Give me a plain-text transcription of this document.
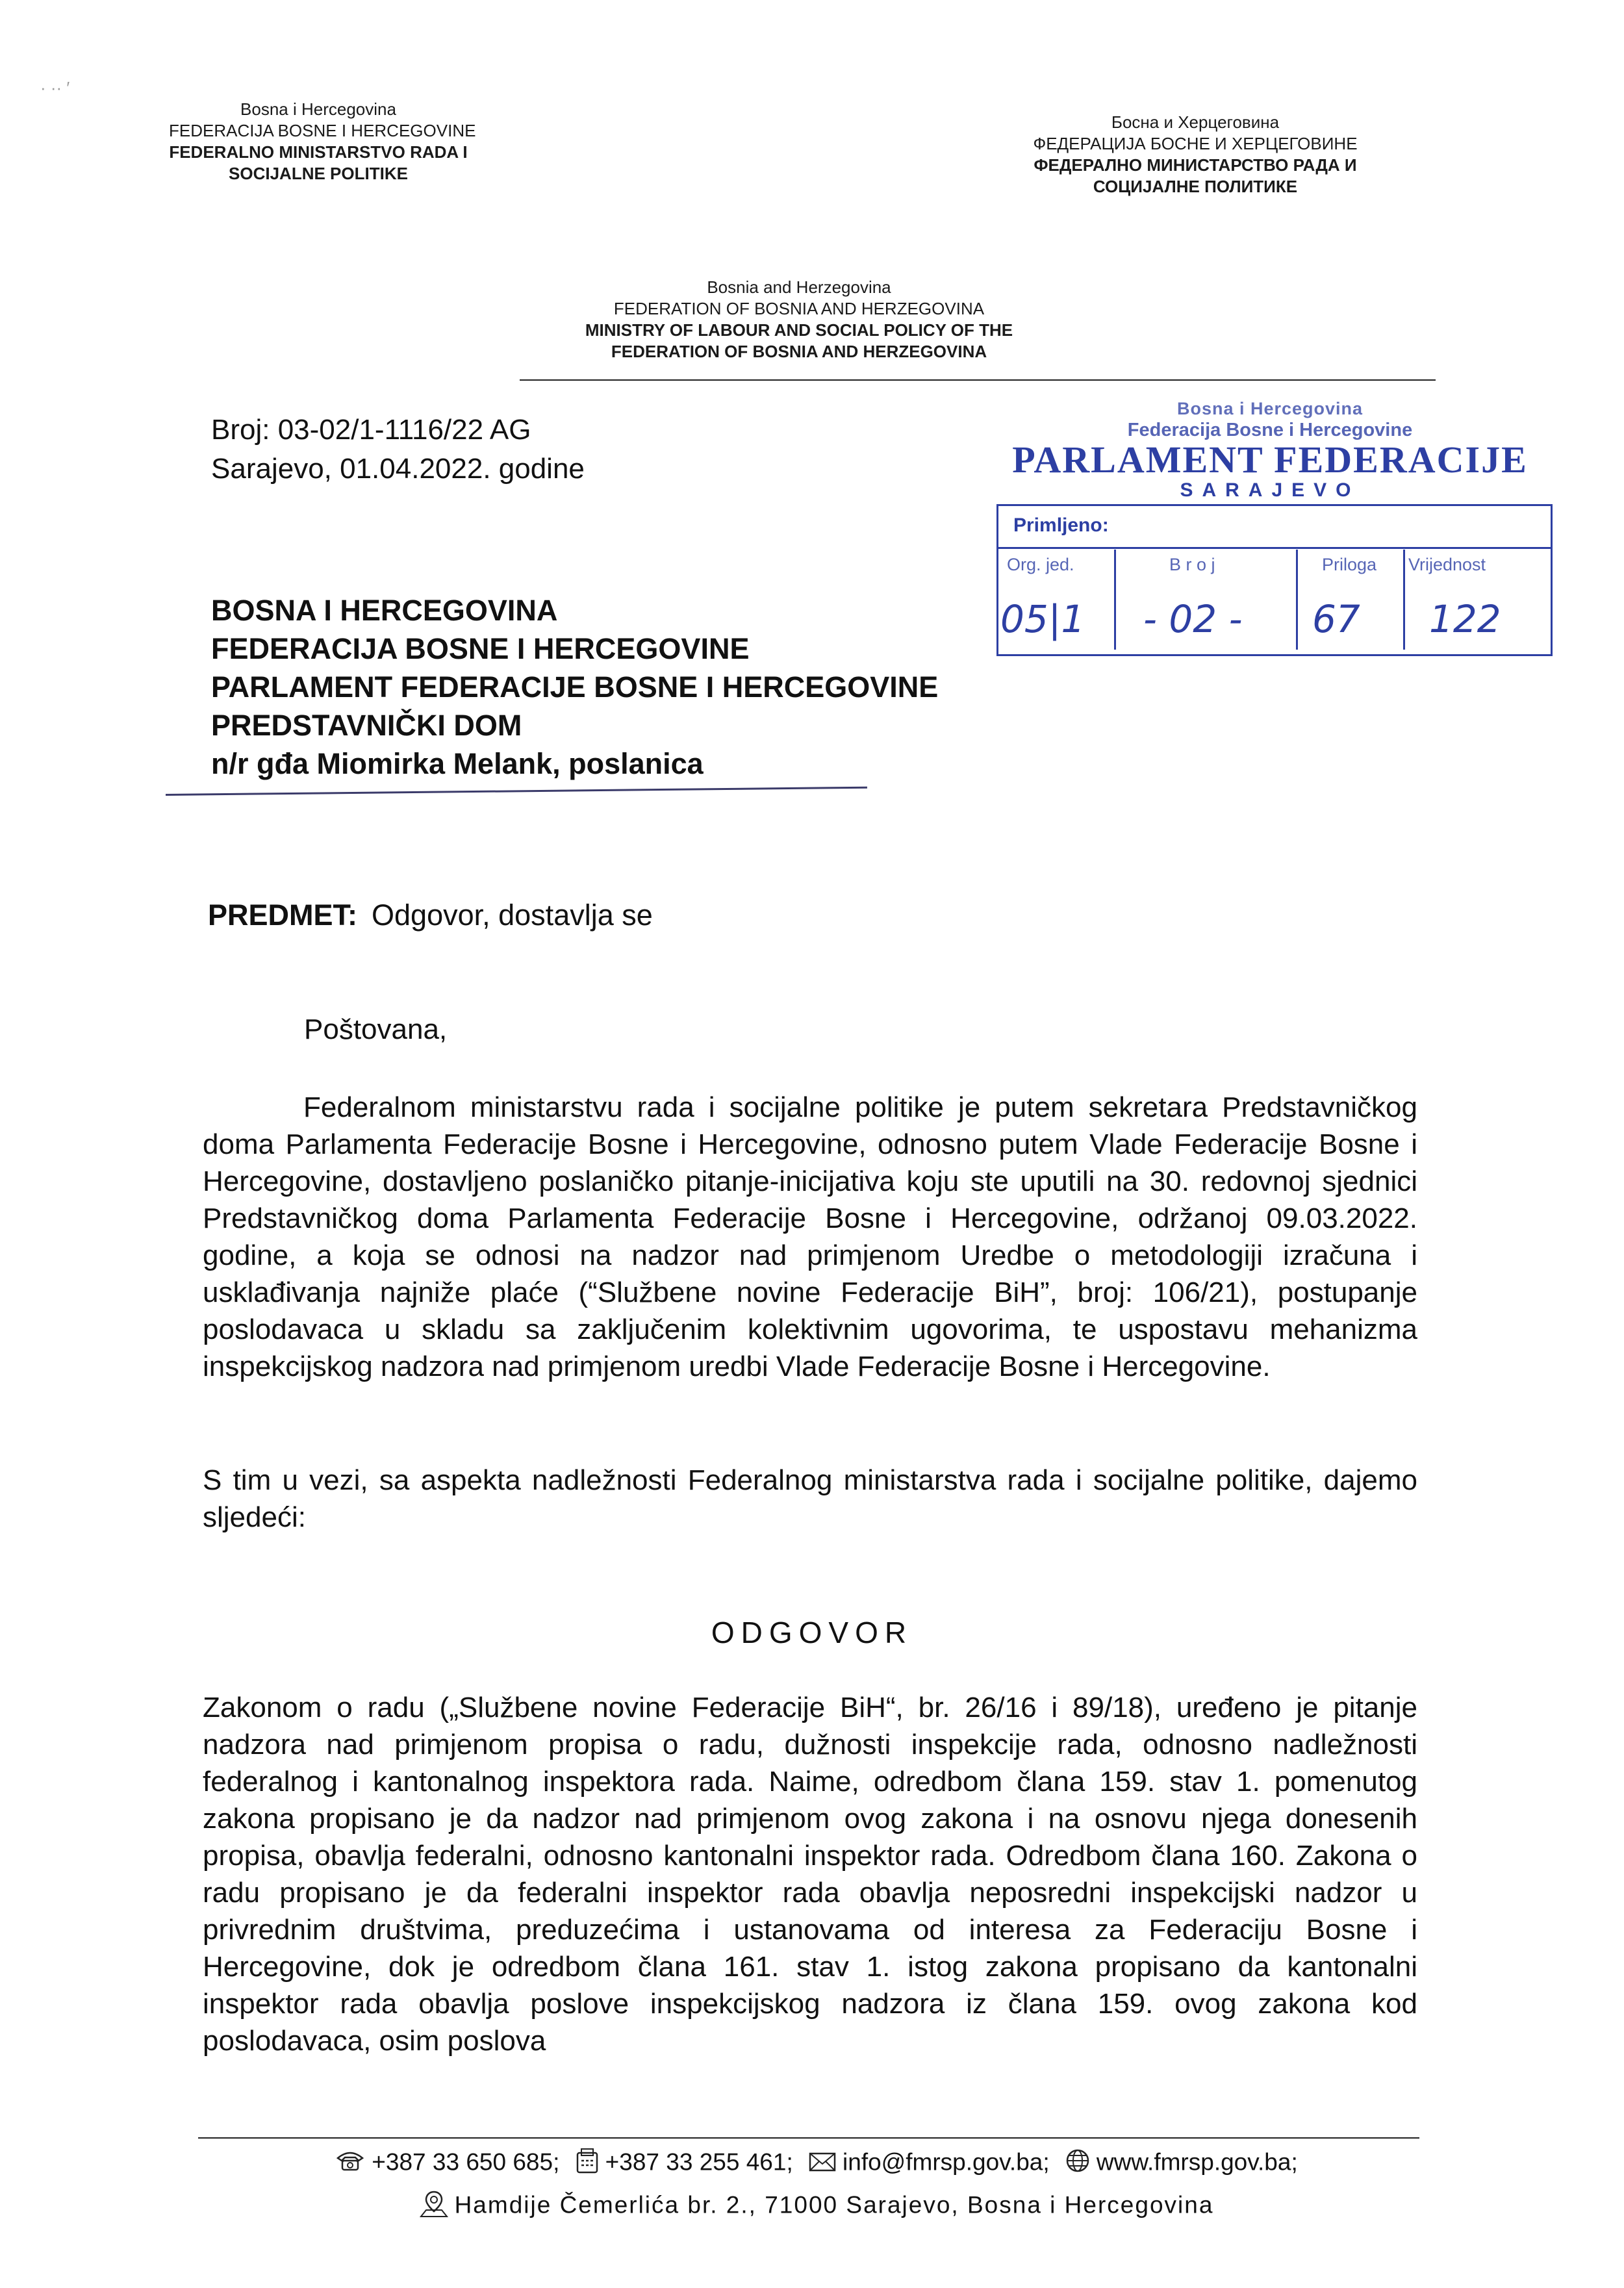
· ·· ′
Bosna i Hercegovina
FEDERACIJA BOSNE I HERCEGOVINE
FEDERALNO MINISTARSTVO RADA I
SOCIJALNE POLITIKE
Босна и Херцеговина
ФЕДЕРАЦИЈА БОСНЕ И ХЕРЦЕГОВИНЕ
ФЕДЕРАЛНО МИНИСТАРСТВО РАДА И
СОЦИЈАЛНЕ ПОЛИТИКЕ
Bosnia and Herzegovina
FEDERATION OF BOSNIA AND HERZEGOVINA
MINISTRY OF LABOUR AND SOCIAL POLICY OF THE
FEDERATION OF BOSNIA AND HERZEGOVINA
Broj: 03-02/1-1116/22 AG
Sarajevo, 01.04.2022. godine
Bosna i Hercegovina
Federacija Bosne i Hercegovine
PARLAMENT FEDERACIJE
SARAJEVO
Primljeno:
Org. jed.	B r o j	Priloga Vrijednost
05|1 - 02 - 67 122
BOSNA I HERCEGOVINA
FEDERACIJA BOSNE I HERCEGOVINE
PARLAMENT FEDERACIJE BOSNE I HERCEGOVINE
PREDSTAVNIČKI DOM
n/r gđa Miomirka Melank, poslanica
PREDMET: Odgovor, dostavlja se
Poštovana,
Federalnom ministarstvu rada i socijalne politike je putem sekretara Predstavničkog doma Parlamenta Federacije Bosne i Hercegovine, odnosno putem Vlade Federacije Bosne i Hercegovine, dostavljeno poslaničko pitanje-inicijativa koju ste uputili na 30. redovnoj sjednici Predstavničkog doma Parlamenta Federacije Bosne i Hercegovine, održanoj 09.03.2022. godine, a koja se odnosi na nadzor nad primjenom Uredbe o metodologiji izračuna i usklađivanja najniže plaće (“Službene novine Federacije BiH”, broj: 106/21), postupanje poslodavaca u skladu sa zaključenim kolektivnim ugovorima, te uspostavu mehanizma inspekcijskog nadzora nad primjenom uredbi Vlade Federacije Bosne i Hercegovine.
S tim u vezi, sa aspekta nadležnosti Federalnog ministarstva rada i socijalne politike, dajemo sljedeći:
ODGOVOR
Zakonom o radu („Službene novine Federacije BiH“, br. 26/16 i 89/18), uređeno je pitanje nadzora nad primjenom propisa o radu, dužnosti inspekcije rada, odnosno nadležnosti federalnog i kantonalnog inspektora rada. Naime, odredbom člana 159. stav 1. pomenutog zakona propisano je da nadzor nad primjenom ovog zakona i na osnovu njega donesenih propisa, obavlja federalni, odnosno kantonalni inspektor rada. Odredbom člana 160. Zakona o radu propisano je da federalni inspektor rada obavlja neposredni inspekcijski nadzor u privrednim društvima, preduzećima i ustanovama od interesa za Federaciju Bosne i Hercegovine, dok je odredbom člana 161. stav 1. istog zakona propisano da kantonalni inspektor rada obavlja poslove inspekcijskog nadzora iz člana 159. ovog zakona kod poslodavaca, osim poslova
+387 33 650 685; +387 33 255 461; info@fmrsp.gov.ba; www.fmrsp.gov.ba;
Hamdije Čemerlića br. 2., 71000 Sarajevo, Bosna i Hercegovina
